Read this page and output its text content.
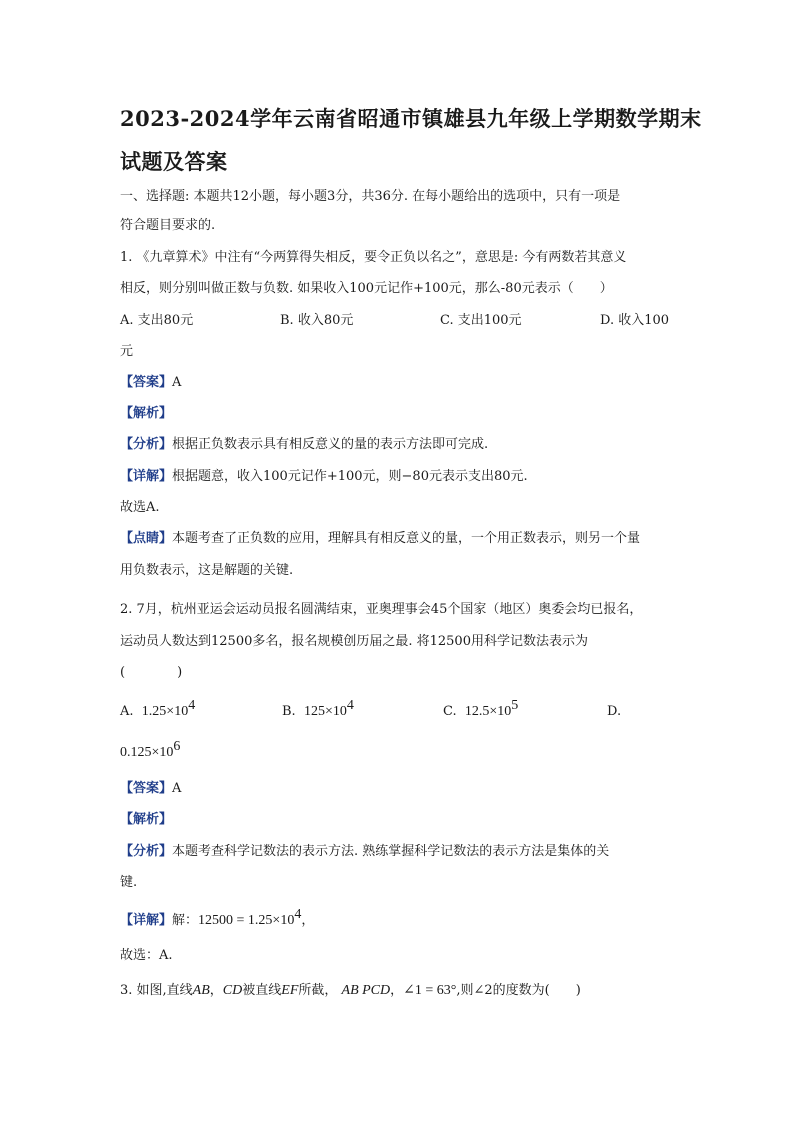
2023-2024学年云南省昭通市镇雄县九年级上学期数学期末
试题及答案
一、选择题: 本题共12小题，每小题3分，共36分. 在每小题给出的选项中，只有一项是
符合题目要求的.
1. 《九章算术》中注有“今两算得失相反，要令正负以名之”，意思是: 今有两数若其意义
相反，则分别叫做正数与负数. 如果收入100元记作+100元，那么-80元表示（　　）
A. 支出80元	B. 收入80元	C. 支出100元	D. 收入100
元
【答案】A
【解析】
【分析】根据正负数表示具有相反意义的量的表示方法即可完成.
【详解】根据题意，收入100元记作+100元，则−80元表示支出80元.
故选A.
【点睛】本题考查了正负数的应用，理解具有相反意义的量，一个用正数表示，则另一个量
用负数表示，这是解题的关键.
2. 7月，杭州亚运会运动员报名圆满结束，亚奥理事会45个国家（地区）奥委会均已报名，
运动员人数达到12500多名，报名规模创历届之最. 将12500用科学记数法表示为
(　　　　)
A. $1.25\times 10^4$	B. $125\times 10^4$	C. $12.5\times 10^5$	D.
$0.125\times 10^6$
【答案】A
【解析】
【分析】本题考查科学记数法的表示方法. 熟练掌握科学记数法的表示方法是集体的关
键.
【详解】解：$12500 = 1.25\times 10^4$，
故选：A.
3. 如图,直线AB，CD被直线EF所截， AB PCD，∠1 = 63°,则∠2的度数为(　　)
